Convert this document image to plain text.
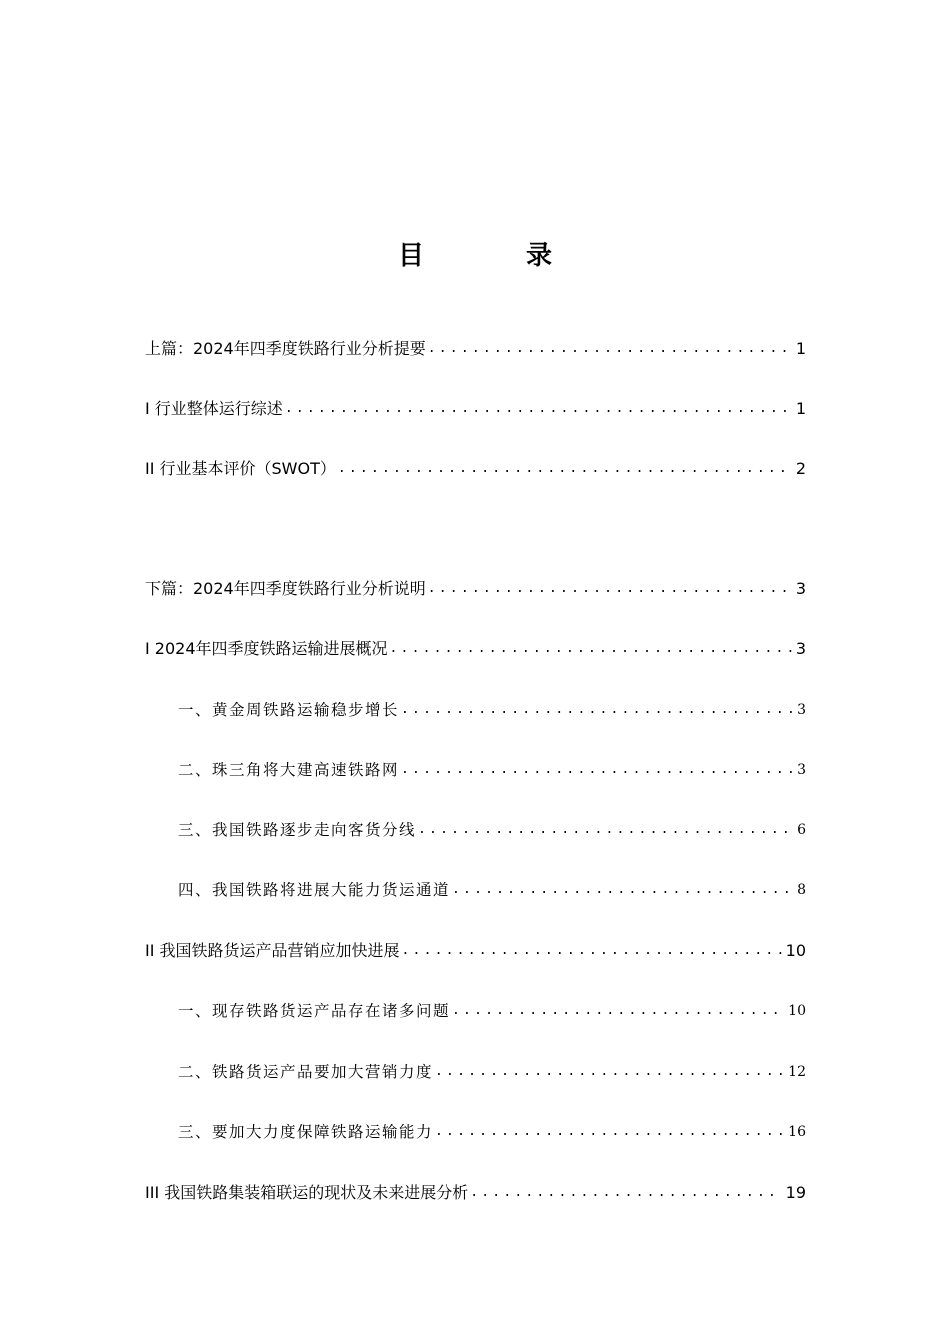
目　录
上篇：2024年四季度铁路行业分析提要 .....	1
I 行业整体运行综述 .....	1
II 行业基本评价（SWOT） .....	2
下篇：2024年四季度铁路行业分析说明 .....	3
I 2024年四季度铁路运输进展概况 .....	3
一、黄金周铁路运输稳步增长 .....	3
二、珠三角将大建高速铁路网 .....	3
三、我国铁路逐步走向客货分线 .....	6
四、我国铁路将进展大能力货运通道 .....	8
II 我国铁路货运产品营销应加快进展 .....	10
一、现存铁路货运产品存在诸多问题 .....	10
二、铁路货运产品要加大营销力度 .....	12
三、要加大力度保障铁路运输能力 .....	16
III 我国铁路集装箱联运的现状及未来进展分析 .....	19
